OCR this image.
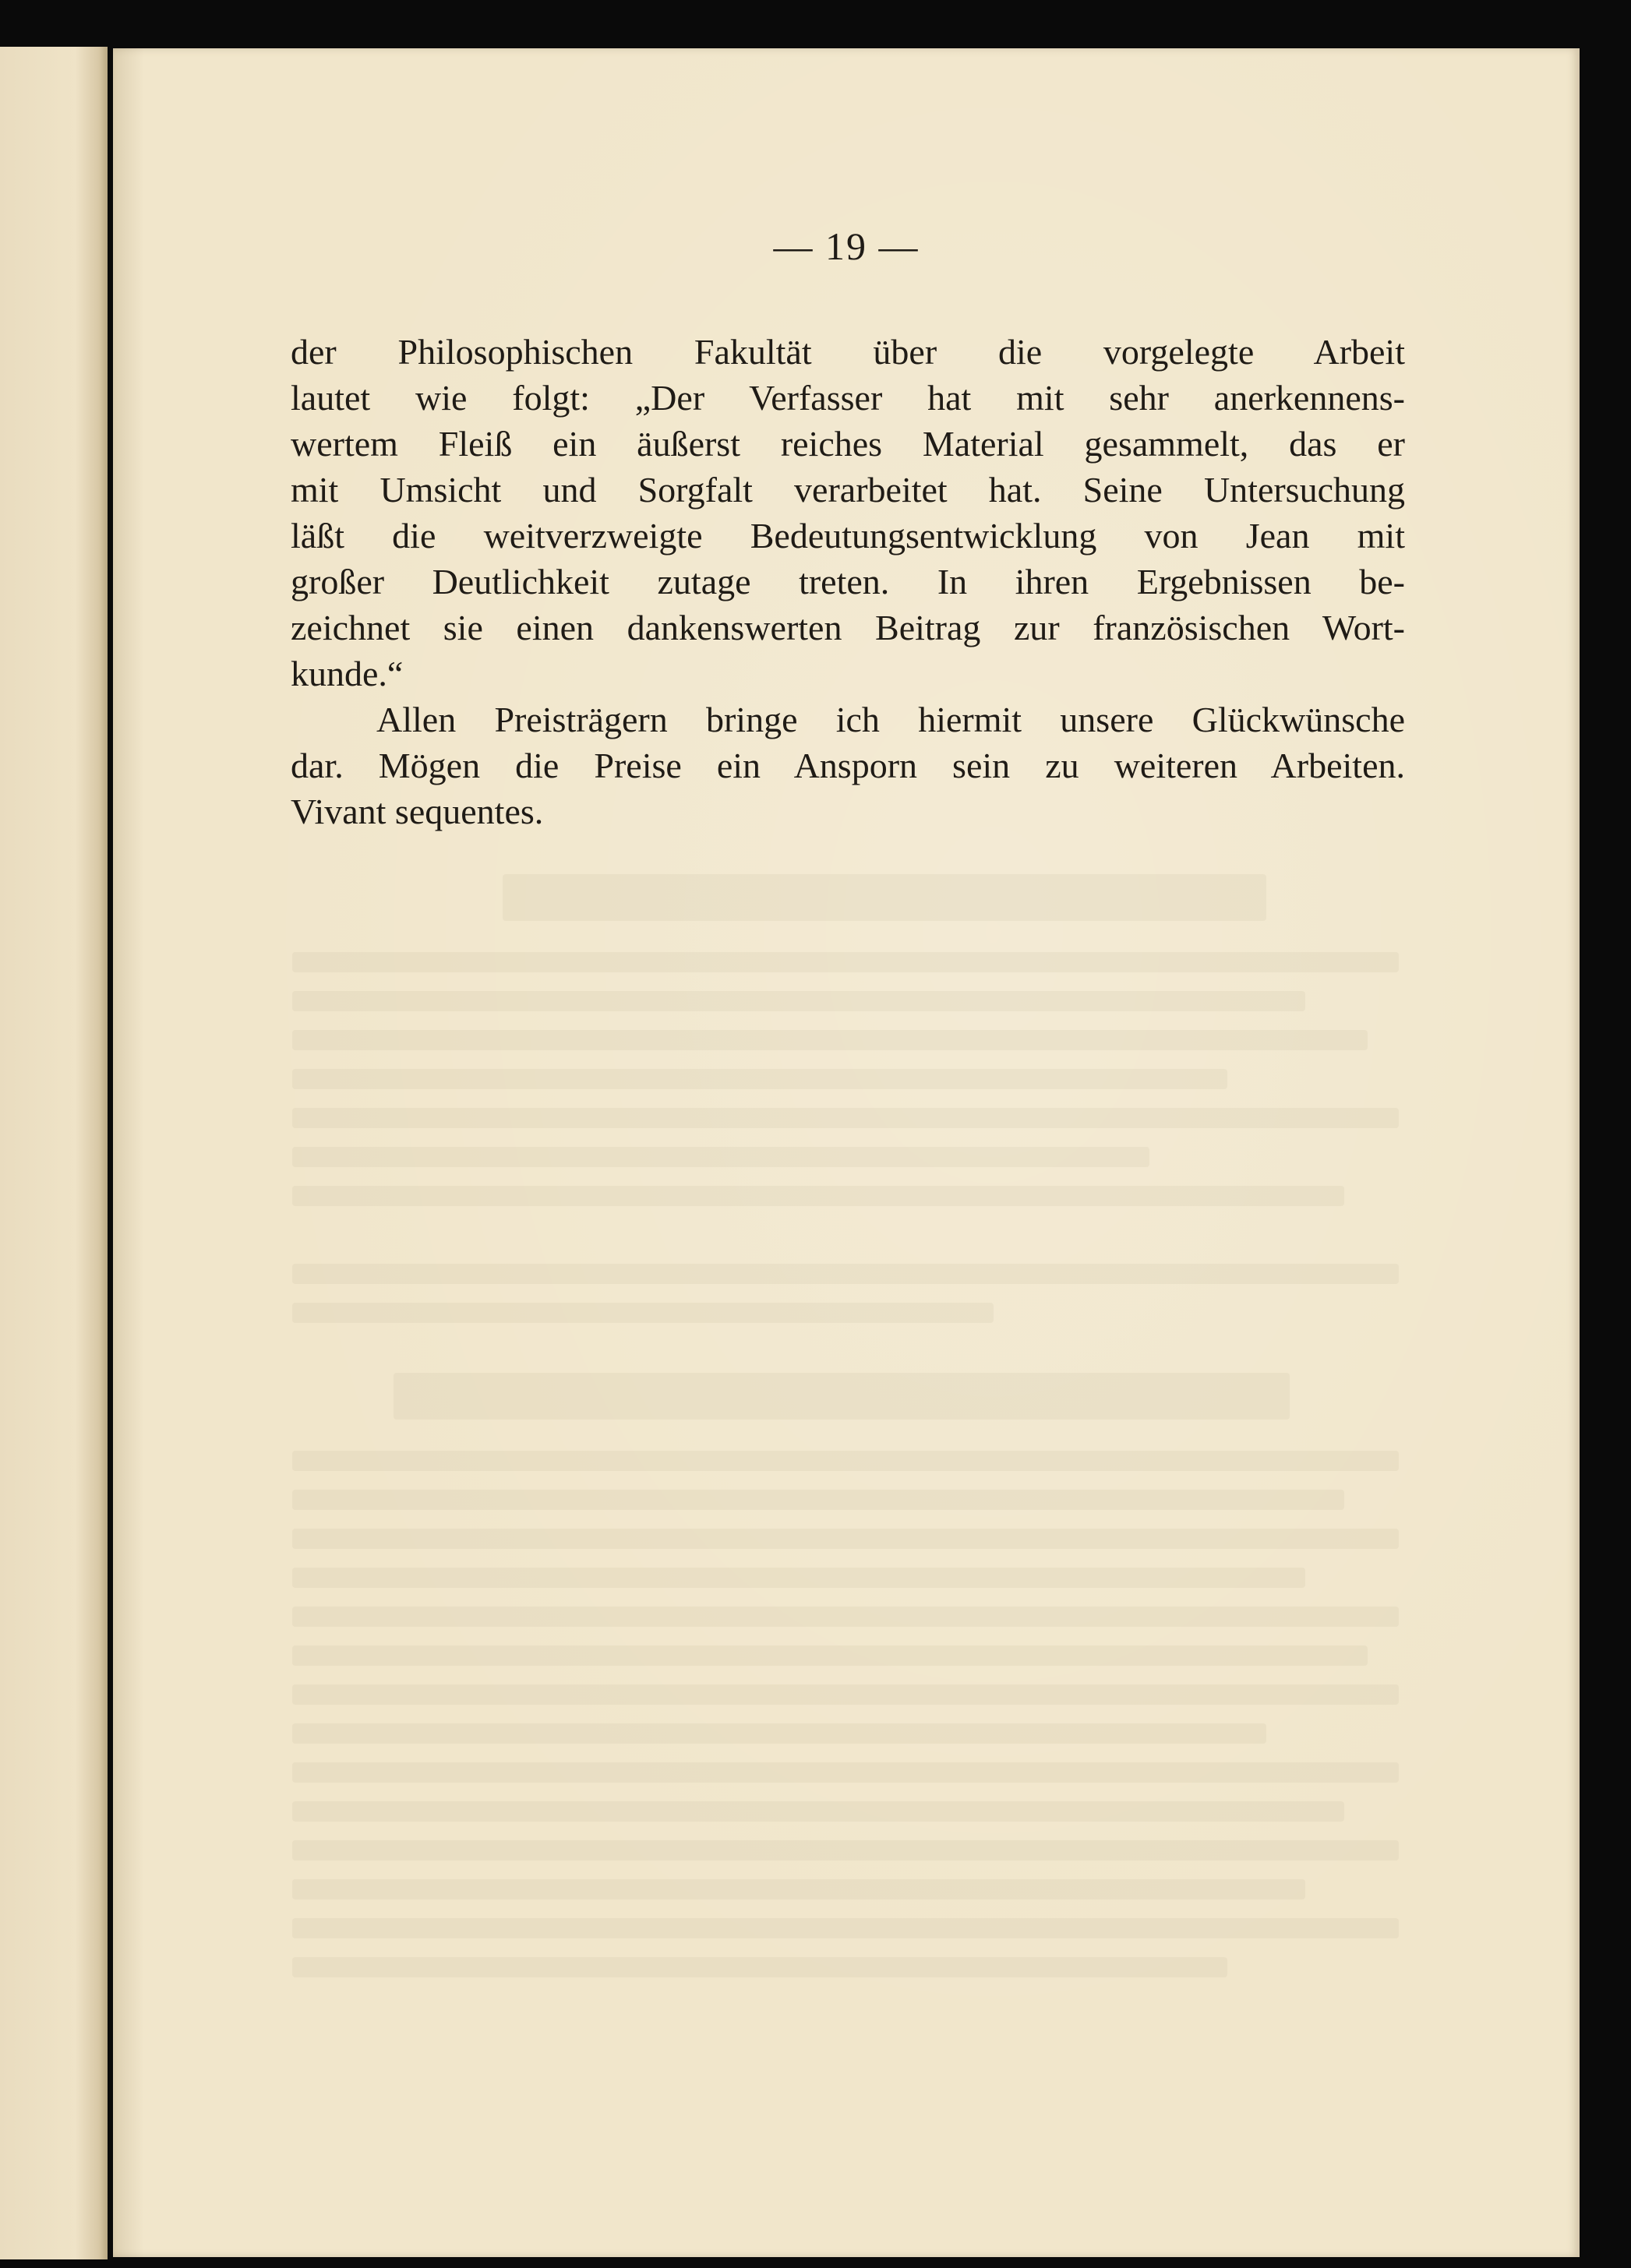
— 19 —

der Philosophischen Fakultät über die vorgelegte Arbeit
lautet wie folgt: „Der Verfasser hat mit sehr anerkennens-
wertem Fleiß ein äußerst reiches Material gesammelt, das er
mit Umsicht und Sorgfalt verarbeitet hat. Seine Untersuchung
läßt die weitverzweigte Bedeutungsentwicklung von Jean mit
großer Deutlichkeit zutage treten. In ihren Ergebnissen be-
zeichnet sie einen dankenswerten Beitrag zur französischen Wort-
kunde.“

Allen Preisträgern bringe ich hiermit unsere Glückwünsche
dar. Mögen die Preise ein Ansporn sein zu weiteren Arbeiten.
Vivant sequentes.
